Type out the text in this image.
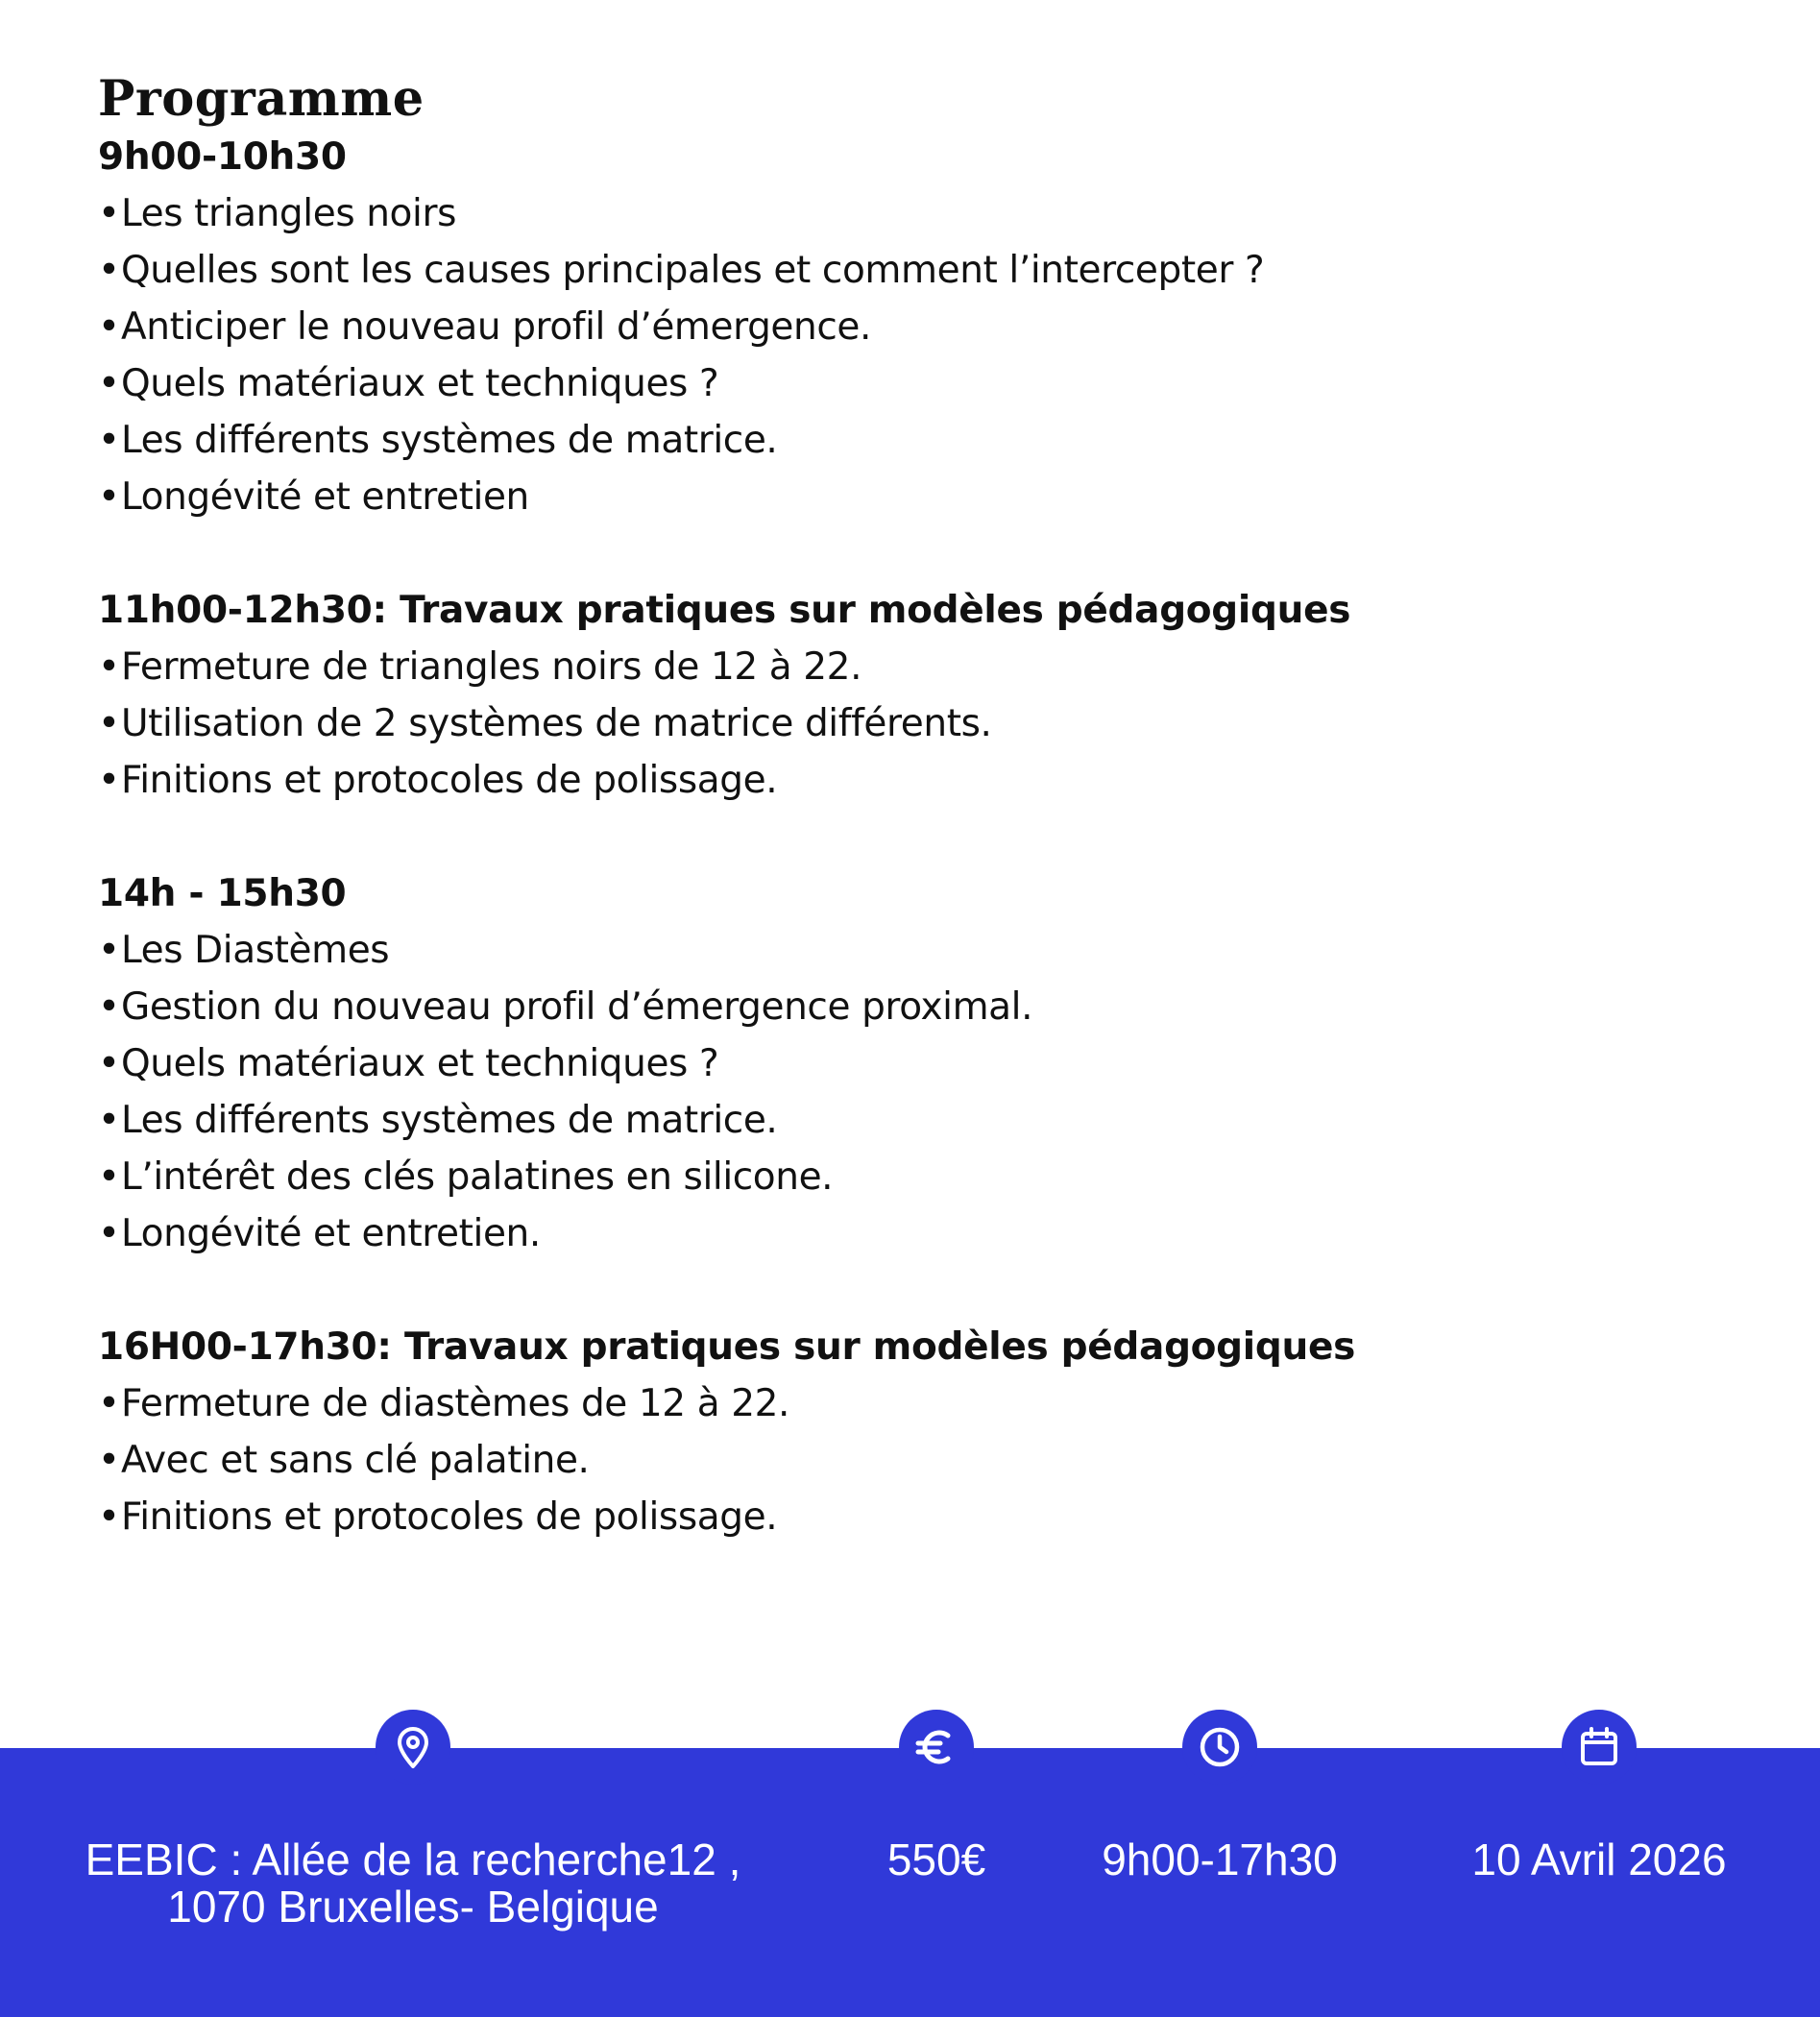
Programme
9h00-10h30
•Les triangles noirs
•Quelles sont les causes principales et comment l’intercepter ?
•Anticiper le nouveau profil d’émergence.
•Quels matériaux et techniques ?
•Les différents systèmes de matrice.
•Longévité et entretien
11h00-12h30: Travaux pratiques sur modèles pédagogiques
•Fermeture de triangles noirs de 12 à 22.
•Utilisation de 2 systèmes de matrice différents.
•Finitions et protocoles de polissage.
14h - 15h30
•Les Diastèmes
•Gestion du nouveau profil d’émergence proximal.
•Quels matériaux et techniques ?
•Les différents systèmes de matrice.
•L’intérêt des clés palatines en silicone.
•Longévité et entretien.
16H00-17h30: Travaux pratiques sur modèles pédagogiques
•Fermeture de diastèmes de 12 à 22.
•Avec et sans clé palatine.
•Finitions et protocoles de polissage.
EEBIC : Allée de la recherche12 ,
1070 Bruxelles- Belgique
550€	9h00-17h30	10 Avril 2026
